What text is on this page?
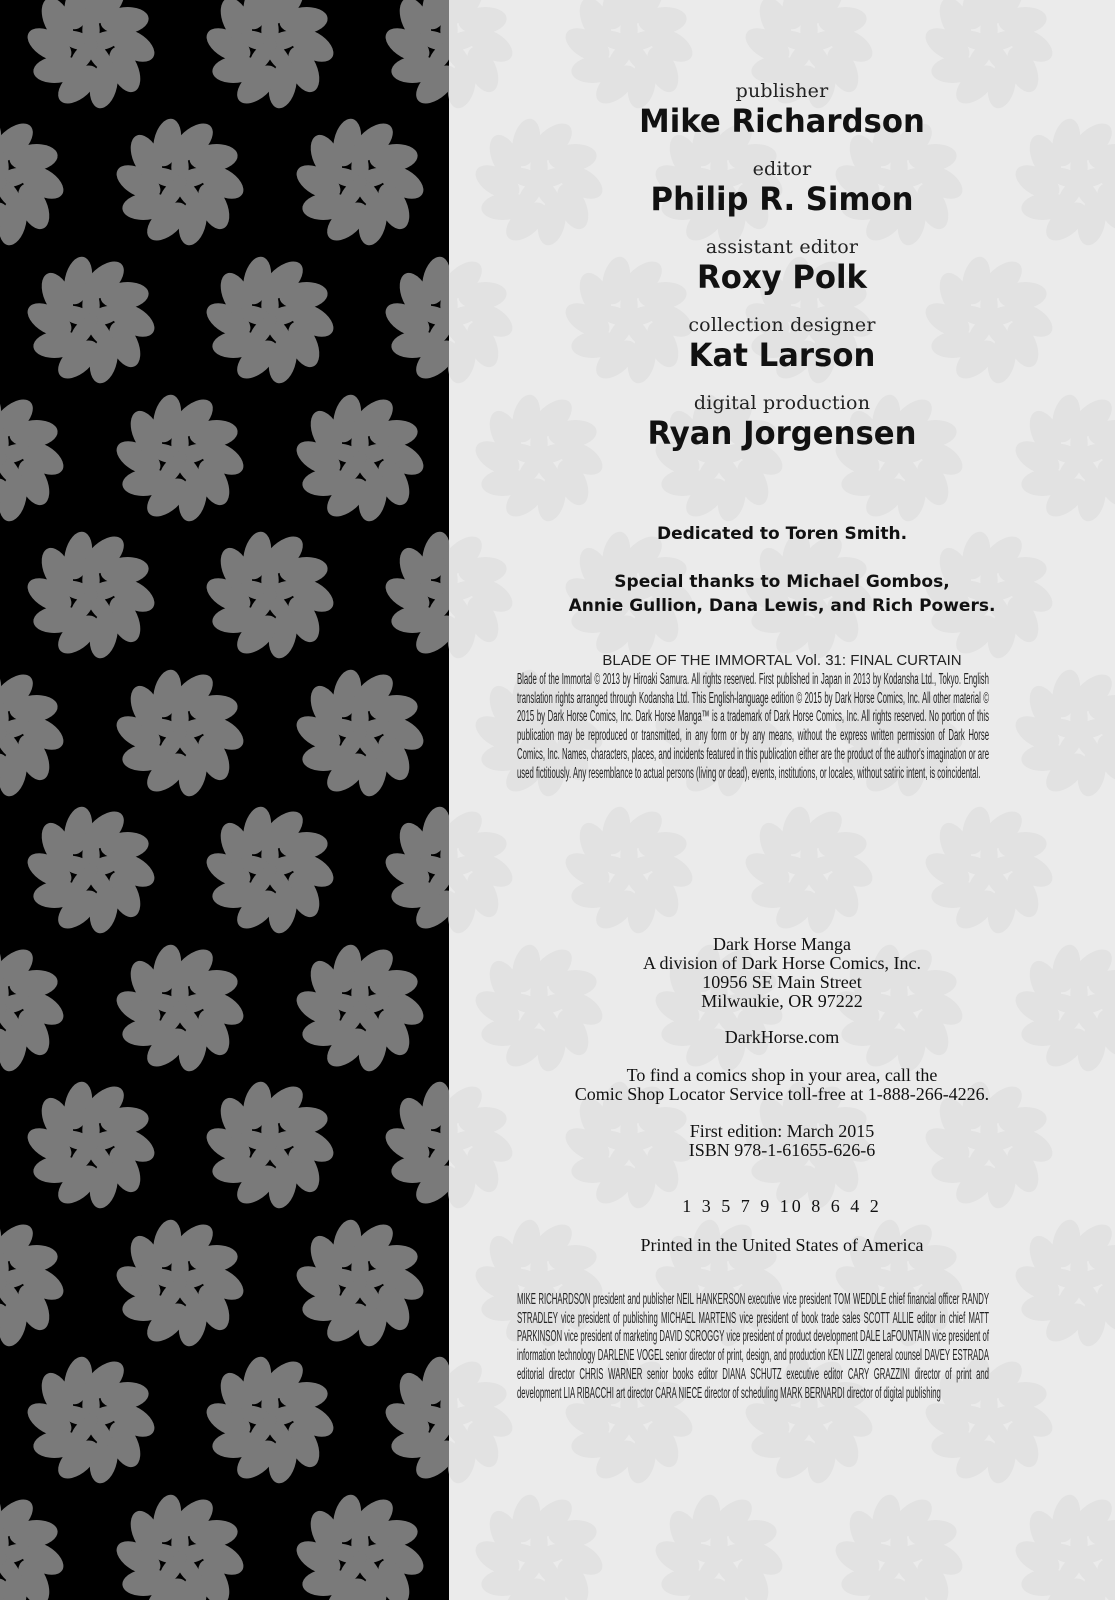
publisher
Mike Richardson
editor
Philip R. Simon
assistant editor
Roxy Polk
collection designer
Kat Larson
digital production
Ryan Jorgensen
Dedicated to Toren Smith.
Special thanks to Michael Gombos,
Annie Gullion, Dana Lewis, and Rich Powers.
BLADE OF THE IMMORTAL Vol. 31: FINAL CURTAIN
Blade of the Immortal © 2013 by Hiroaki Samura. All rights reserved. First published in Japan in 2013 by Kodansha Ltd., Tokyo. English translation rights arranged through Kodansha Ltd. This English-language edition © 2015 by Dark Horse Comics, Inc. All other material © 2015 by Dark Horse Comics, Inc. Dark Horse Manga™ is a trademark of Dark Horse Comics, Inc. All rights reserved. No portion of this publication may be reproduced or transmitted, in any form or by any means, without the express written permission of Dark Horse Comics, Inc. Names, characters, places, and incidents featured in this publication either are the product of the author's imagination or are used fictitiously. Any resemblance to actual persons (living or dead), events, institutions, or locales, without satiric intent, is coincidental.
Dark Horse Manga
A division of Dark Horse Comics, Inc.
10956 SE Main Street
Milwaukie, OR 97222
DarkHorse.com
To find a comics shop in your area, call the
Comic Shop Locator Service toll-free at 1-888-266-4226.
First edition: March 2015
ISBN 978-1-61655-626-6
1 3 5 7 9 10 8 6 4 2
Printed in the United States of America
MIKE RICHARDSON president and publisher NEIL HANKERSON executive vice president TOM WEDDLE chief financial officer RANDY STRADLEY vice president of publishing MICHAEL MARTENS vice president of book trade sales SCOTT ALLIE editor in chief MATT PARKINSON vice president of marketing DAVID SCROGGY vice president of product development DALE LaFOUNTAIN vice president of information technology DARLENE VOGEL senior director of print, design, and production KEN LIZZI general counsel DAVEY ESTRADA editorial director CHRIS WARNER senior books editor DIANA SCHUTZ executive editor CARY GRAZZINI director of print and development LIA RIBACCHI art director CARA NIECE director of scheduling MARK BERNARDI director of digital publishing
